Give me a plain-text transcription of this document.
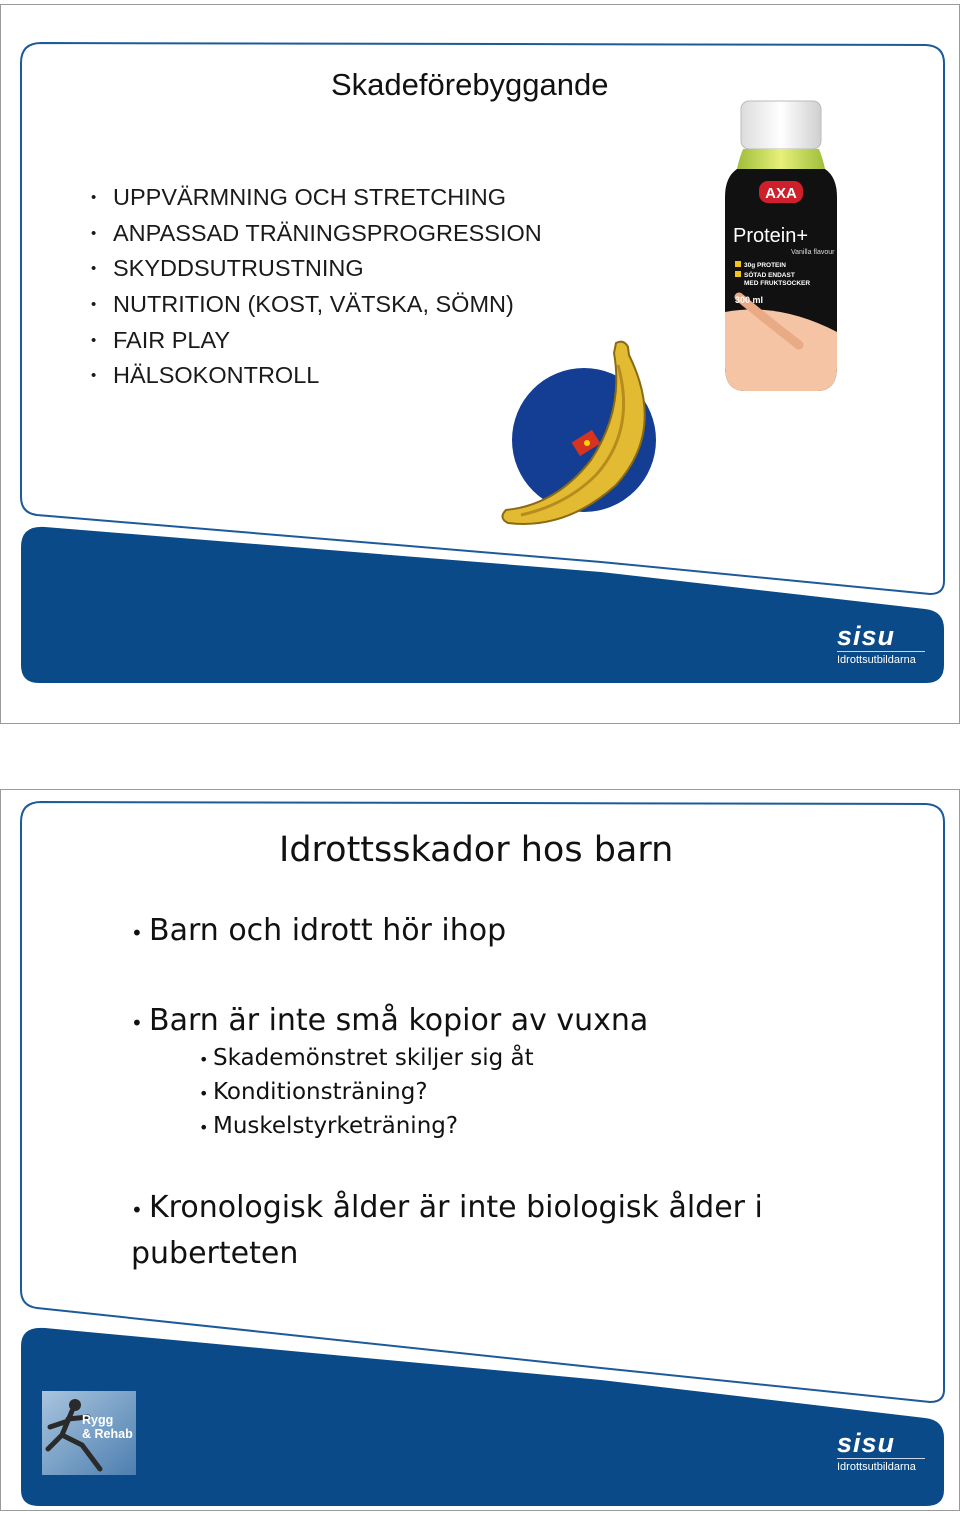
Skadeförebyggande
• UPPVÄRMNING OCH STRETCHING
• ANPASSAD TRÄNINGSPROGRESSION
• SKYDDSUTRUSTNING
• NUTRITION (KOST, VÄTSKA, SÖMN)
• FAIR PLAY
• HÄLSOKONTROLL
AXA
Protein+
Vanilla flavour
30g PROTEIN
SÖTAD ENDAST
MED FRUKTSOCKER
300 ml
sisu
Idrottsutbildarna
Idrottsskador hos barn
• Barn och idrott hör ihop
• Barn är inte små kopior av vuxna
• Skademönstret skiljer sig åt
• Konditionsträning?
• Muskelstyrketräning?
• Kronologisk ålder är inte biologisk ålder i
puberteten
Rygg
& Rehab	sisu
Idrottsutbildarna
